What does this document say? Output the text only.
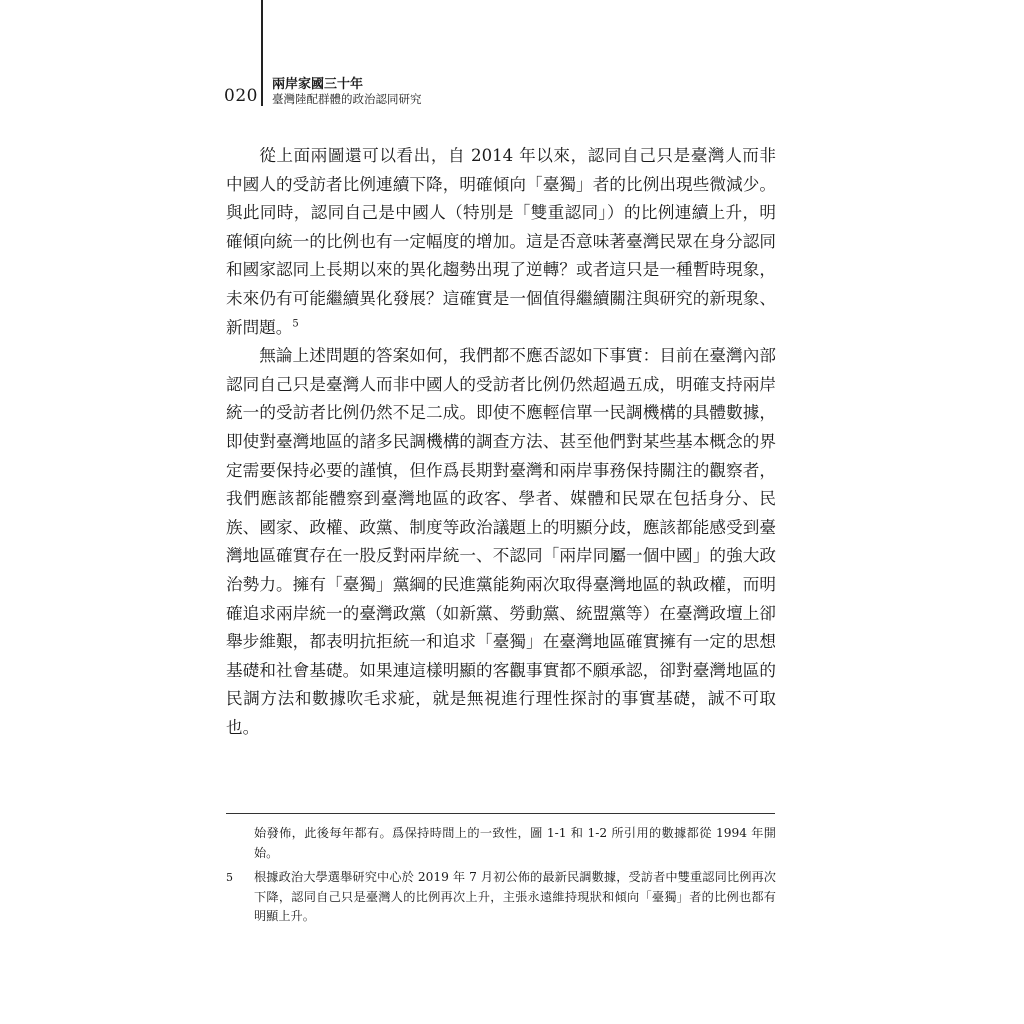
020
兩岸家國三十年
臺灣陸配群體的政治認同研究

從上面兩圖還可以看出，自 2014 年以來，認同自己只是臺灣人而非中國人的受訪者比例連續下降，明確傾向「臺獨」者的比例出現些微減少。與此同時，認同自己是中國人（特別是「雙重認同」）的比例連續上升，明確傾向統一的比例也有一定幅度的增加。這是否意味著臺灣民眾在身分認同和國家認同上長期以來的異化趨勢出現了逆轉？或者這只是一種暫時現象，未來仍有可能繼續異化發展？這確實是一個值得繼續關注與研究的新現象、新問題。$^5$

無論上述問題的答案如何，我們都不應否認如下事實：目前在臺灣內部認同自己只是臺灣人而非中國人的受訪者比例仍然超過五成，明確支持兩岸統一的受訪者比例仍然不足二成。即使不應輕信單一民調機構的具體數據，即使對臺灣地區的諸多民調機構的調查方法、甚至他們對某些基本概念的界定需要保持必要的謹慎，但作爲長期對臺灣和兩岸事務保持關注的觀察者，我們應該都能體察到臺灣地區的政客、學者、媒體和民眾在包括身分、民族、國家、政權、政黨、制度等政治議題上的明顯分歧，應該都能感受到臺灣地區確實存在一股反對兩岸統一、不認同「兩岸同屬一個中國」的強大政治勢力。擁有「臺獨」黨綱的民進黨能夠兩次取得臺灣地區的執政權，而明確追求兩岸統一的臺灣政黨（如新黨、勞動黨、統盟黨等）在臺灣政壇上卻舉步維艱，都表明抗拒統一和追求「臺獨」在臺灣地區確實擁有一定的思想基礎和社會基礎。如果連這樣明顯的客觀事實都不願承認，卻對臺灣地區的民調方法和數據吹毛求疵，就是無視進行理性探討的事實基礎，誠不可取也。

始發佈，此後每年都有。爲保持時間上的一致性，圖 1-1 和 1-2 所引用的數據都從 1994 年開始。

5	根據政治大學選舉研究中心於 2019 年 7 月初公佈的最新民調數據，受訪者中雙重認同比例再次下降，認同自己只是臺灣人的比例再次上升，主張永遠維持現狀和傾向「臺獨」者的比例也都有明顯上升。
